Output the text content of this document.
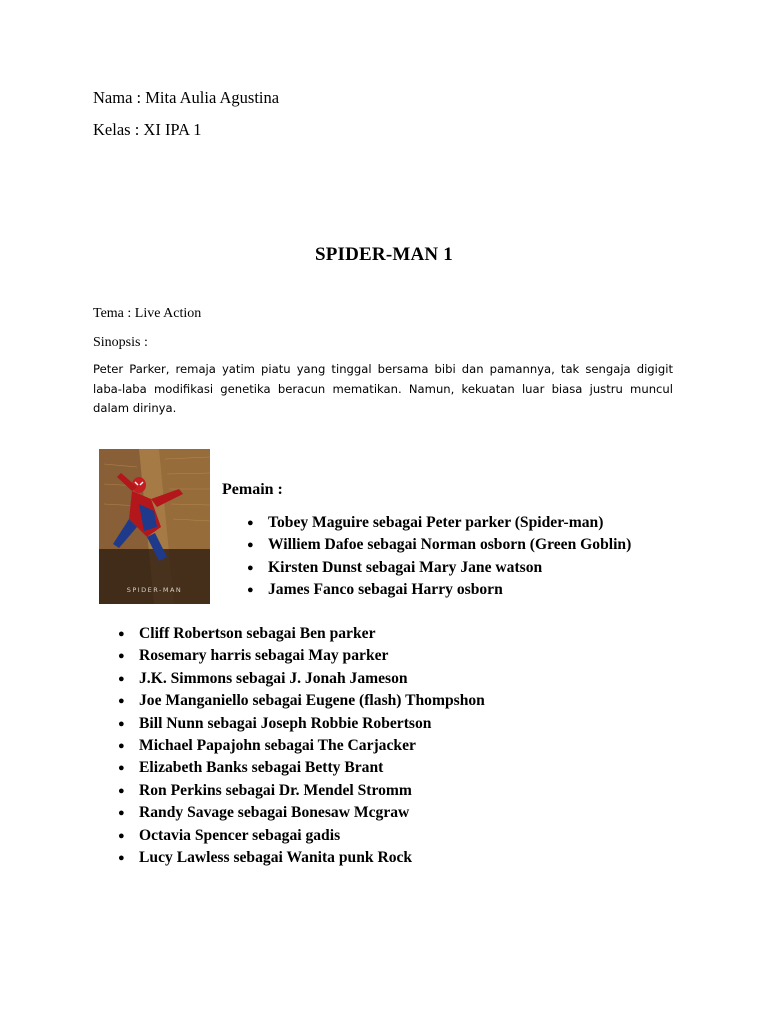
Nama : Mita Aulia Agustina
Kelas : XI IPA 1
SPIDER-MAN 1
Tema : Live Action
Sinopsis :

Peter Parker, remaja yatim piatu yang tinggal bersama bibi dan pamannya, tak sengaja digigit laba-laba modifikasi genetika beracun mematikan. Namun, kekuatan luar biasa justru muncul dalam dirinya.

SPIDER-MAN
Pemain :
● Tobey Maguire sebagai Peter parker (Spider-man)
● Williem Dafoe sebagai Norman osborn (Green Goblin)
● Kirsten Dunst sebagai Mary Jane watson
● James Fanco sebagai Harry osborn
● Cliff Robertson sebagai Ben parker
● Rosemary harris sebagai May parker
● J.K. Simmons sebagai J. Jonah Jameson
● Joe Manganiello sebagai Eugene (flash) Thompshon
● Bill Nunn sebagai Joseph Robbie Robertson
● Michael Papajohn sebagai The Carjacker
● Elizabeth Banks sebagai Betty Brant
● Ron Perkins sebagai Dr. Mendel Stromm
● Randy Savage sebagai Bonesaw Mcgraw
● Octavia Spencer sebagai gadis
● Lucy Lawless sebagai Wanita punk Rock
